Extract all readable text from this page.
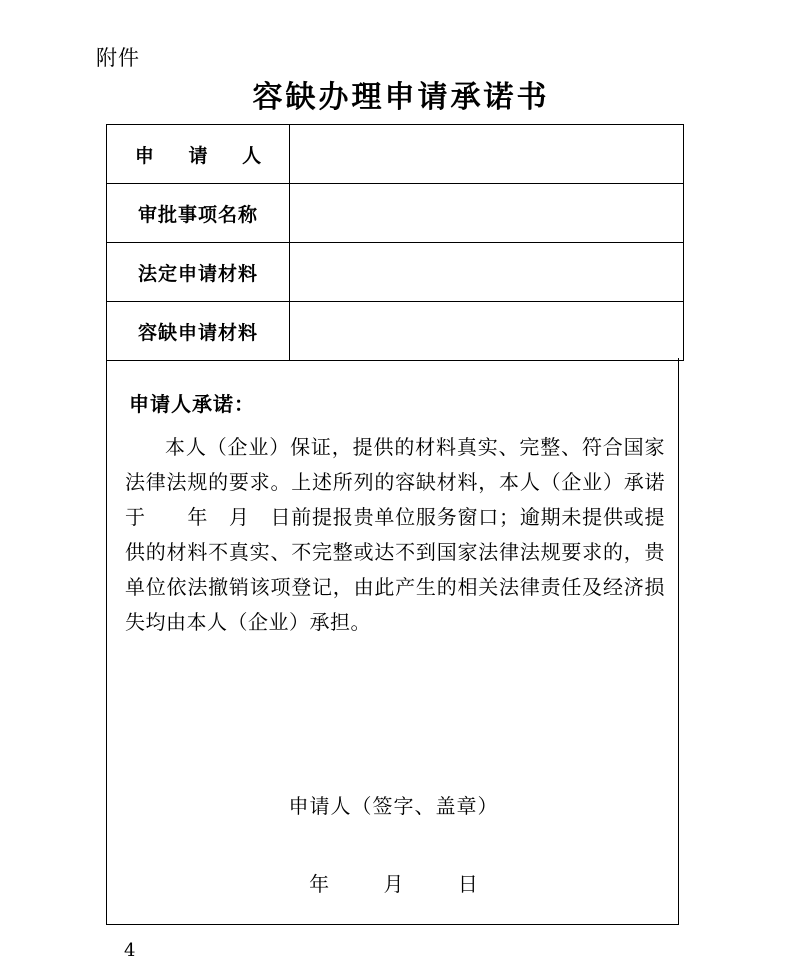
附件
容缺办理申请承诺书
申 请 人	
审批事项名称	
法定申请材料	
容缺申请材料	
申请人承诺：
本人（企业）保证，提供的材料真实、完整、符合国家法律法规的要求。上述所列的容缺材料，本人（企业）承诺于　　年　月　日前提报贵单位服务窗口；逾期未提供或提供的材料不真实、不完整或达不到国家法律法规要求的，贵单位依法撤销该项登记，由此产生的相关法律责任及经济损失均由本人（企业）承担。
申请人（签字、盖章）
年	月	日
4
